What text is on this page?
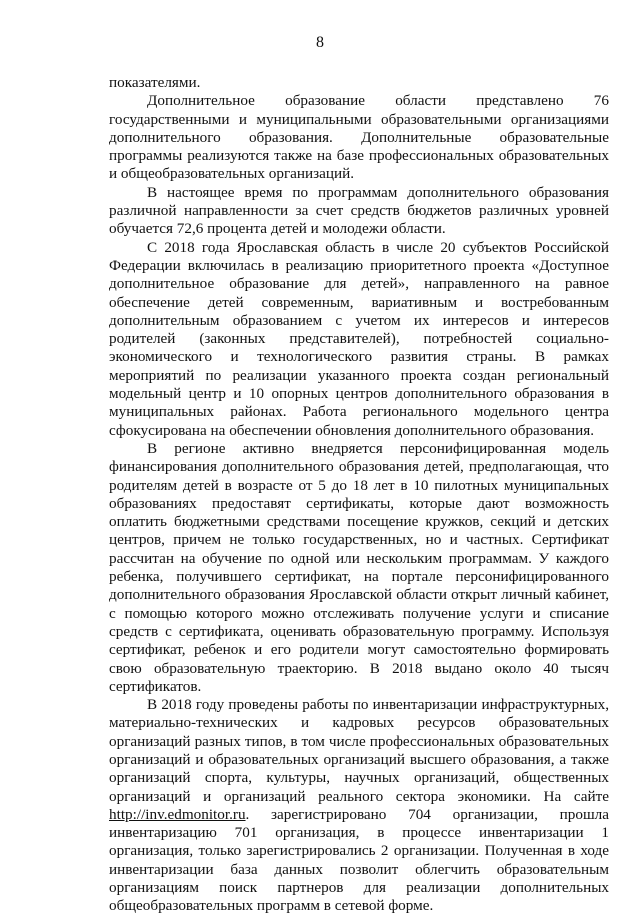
8

показателями.

Дополнительное образование области представлено 76 государственными и муниципальными образовательными организациями дополнительного образования. Дополнительные образовательные программы реализуются также на базе профессиональных образовательных и общеобразовательных организаций.

В настоящее время по программам дополнительного образования различной направленности за счет средств бюджетов различных уровней обучается 72,6 процента детей и молодежи области.

С 2018 года Ярославская область в числе 20 субъектов Российской Федерации включилась в реализацию приоритетного проекта «Доступное дополнительное образование для детей», направленного на равное обеспечение детей современным, вариативным и востребованным дополнительным образованием с учетом их интересов и интересов родителей (законных представителей), потребностей социально-экономического и технологического развития страны. В рамках мероприятий по реализации указанного проекта создан региональный модельный центр и 10 опорных центров дополнительного образования в муниципальных районах. Работа регионального модельного центра сфокусирована на обеспечении обновления дополнительного образования.

В регионе активно внедряется персонифицированная модель финансирования дополнительного образования детей, предполагающая, что родителям детей в возрасте от 5 до 18 лет в 10 пилотных муниципальных образованиях предоставят сертификаты, которые дают возможность оплатить бюджетными средствами посещение кружков, секций и детских центров, причем не только государственных, но и частных. Сертификат рассчитан на обучение по одной или нескольким программам. У каждого ребенка, получившего сертификат, на портале персонифицированного дополнительного образования Ярославской области открыт личный кабинет, с помощью которого можно отслеживать получение услуги и списание средств с сертификата, оценивать образовательную программу. Используя сертификат, ребенок и его родители могут самостоятельно формировать свою образовательную траекторию. В 2018 выдано около 40 тысяч сертификатов.

В 2018 году проведены работы по инвентаризации инфраструктурных, материально-технических и кадровых ресурсов образовательных организаций разных типов, в том числе профессиональных образовательных организаций и образовательных организаций высшего образования, а также организаций спорта, культуры, научных организаций, общественных организаций и организаций реального сектора экономики. На сайте http://inv.edmonitor.ru. зарегистрировано 704 организации, прошла инвентаризацию 701 организация, в процессе инвентаризации 1 организация, только зарегистрировались 2 организации. Полученная в ходе инвентаризации база данных позволит облегчить образовательным организациям поиск партнеров для реализации дополнительных общеобразовательных программ в сетевой форме.
